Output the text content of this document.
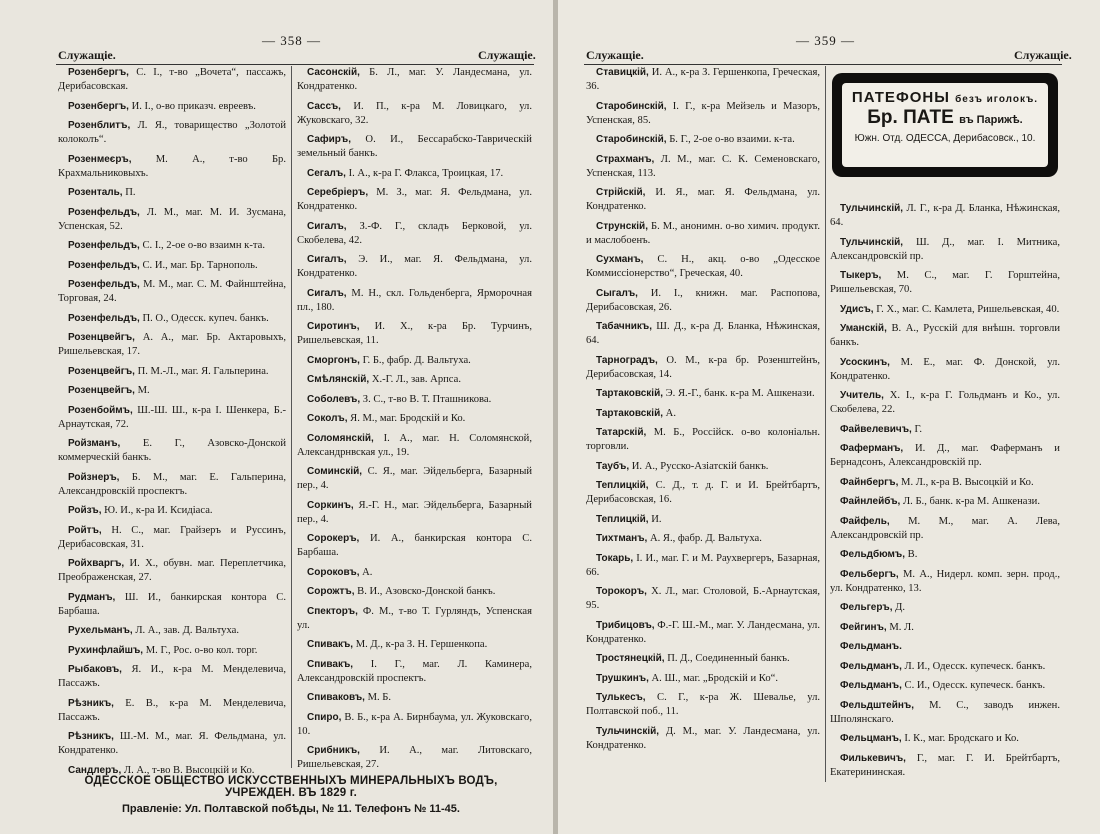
— 358 —
Служащіе.	Служащіе.
Розенбергъ, С. І., т-во „Вочета“, пассажъ, Дерибасовская.
Розенбергъ, И. І., о-во приказч. евреевъ.
Розенблитъ, Л. Я., товарищество „Золотой колоколъ“.
Розенмеєръ, М. А., т-во Бр. Крахмальниковыхъ.
Розенталь, П.
Розенфельдъ, Л. М., маг. М. И. Зусмана, Успенская, 52.
Розенфельдъ, С. І., 2-ое о-во взаимн к-та.
Розенфельдъ, С. И., маг. Бр. Тарнополь.
Розенфельдъ, М. М., маг. С. М. Файнштейна, Торговая, 24.
Розенфельдъ, П. О., Одесск. купеч. банкъ.
Розенцвейгъ, А. А., маг. Бр. Актаровыхъ, Ришельевская, 17.
Розенцвейгъ, П. М.-Л., маг. Я. Гальперина.
Розенцвейгъ, М.
Розенбоймъ, Ш.-Ш. Ш., к-ра І. Шенкера, Б.-Арнаутская, 72.
Ройзманъ, Е. Г., Азовско-Донской коммерческій банкъ.
Ройзнеръ, Б. М., маг. Е. Гальперина, Александровскій проспектъ.
Ройзъ, Ю. И., к-ра И. Ксидіаса.
Ройтъ, Н. С., маг. Грайзеръ и Руссинъ, Дерибасовская, 31.
Ройхваргъ, И. Х., обувн. маг. Переплетчика, Преображенская, 27.
Рудманъ, Ш. И., банкирская контора С. Барбаша.
Рухельманъ, Л. А., зав. Д. Вальтуха.
Рухинфлайшъ, М. Г., Рос. о-во кол. торг.
Рыбаковъ, Я. И., к-ра М. Менделевича, Пассажъ.
Рѣзникъ, Е. В., к-ра М. Менделевича, Пассажъ.
Рѣзникъ, Ш.-М. М., маг. Я. Фельдмана, ул. Кондратенко.
Сандлеръ, Л. А., т-во В. Высоцкій и Ко.
Сасонскій, Б. Л., маг. У. Ландесмана, ул. Кондратенко.
Сассъ, И. П., к-ра М. Ловицкаго, ул. Жуковскаго, 32.
Сафиръ, О. И., Бессарабско-Таврическій земельный банкъ.
Сегалъ, І. А., к-ра Г. Флакса, Троицкая, 17.
Серебріеръ, М. З., маг. Я. Фельдмана, ул. Кондратенко.
Сигалъ, З.-Ф. Г., складъ Берковой, ул. Скобелева, 42.
Сигалъ, Э. И., маг. Я. Фельдмана, ул. Кондратенко.
Сигалъ, М. Н., скл. Гольденберга, Ярморочная пл., 180.
Сиротинъ, И. Х., к-ра Бр. Турчинъ, Ришельевская, 11.
Сморгонъ, Г. Б., фабр. Д. Вальтуха.
Смѣлянскій, Х.-Г. Л., зав. Арпса.
Соболевъ, З. С., т-во В. Т. Пташникова.
Соколъ, Я. М., маг. Бродскій и Ко.
Соломянскій, І. А., маг. Н. Соломянской, Александрнвская ул., 19.
Соминскій, С. Я., маг. Эйдельберга, Базарный пер., 4.
Соркинъ, Я.-Г. Н., маг. Эйдельберга, Базарный пер., 4.
Сорокеръ, И. А., банкирская контора С. Барбаша.
Сороковъ, А.
Сорожтъ, В. И., Азовско-Донской банкъ.
Спекторъ, Ф. М., т-во Т. Гурляндъ, Успенская ул.
Спивакъ, М. Д., к-ра З. Н. Гершенкопа.
Спивакъ, І. Г., маг. Л. Каминера, Александровскій проспектъ.
Спиваковъ, М. Б.
Спиро, В. Б., к-ра А. Бирнбаума, ул. Жуковскаго, 10.
Срибникъ, И. А., маг. Литовскаго, Ришельевская, 27.
ОДЕССКОЕ ОБЩЕСТВО ИСКУССТВЕННЫХЪ МИНЕРАЛЬНЫХЪ ВОДЪ, УЧРЕЖДЕН. ВЪ 1829 г.
Правленіе: Ул. Полтавской побѣды, № 11. Телефонъ № 11-45.
— 359 —
Служащіе.	Служащіе.
Ставицкій, И. А., к-ра З. Гершенкопа, Греческая, 36.
Старобинскій, І. Г., к-ра Мейзель и Мазоръ, Успенская, 85.
Старобинскій, Б. Г., 2-ое о-во взаими. к-та.
Страхманъ, Л. М., маг. С. К. Семеновскаго, Успенская, 113.
Стрійскій, И. Я., маг. Я. Фельдмана, ул. Кондратенко.
Струнскій, Б. М., анонимн. о-во химич. продукт. и маслобоенъ.
Сухманъ, С. Н., акц. о-во „Одесское Коммиссіонерство“, Греческая, 40.
Сыгалъ, И. І., книжн. маг. Распопова, Дерибасовская, 26.
Табачникъ, Ш. Д., к-ра Д. Бланка, Нѣжинская, 64.
Тарноградъ, О. М., к-ра бр. Розенштейнъ, Дерибасовская, 14.
Тартаковскій, Э. Я.-Г., банк. к-ра М. Ашкенази.
Тартаковскій, А.
Татарскій, М. Б., Россійск. о-во колоніальн. торговли.
Таубъ, И. А., Русско-Азіатскій банкъ.
Теплицкій, С. Д., т. д. Г. и И. Брейтбартъ, Дерибасовская, 16.
Теплицкій, И.
Тихтманъ, А. Я., фабр. Д. Вальтуха.
Токарь, І. И., маг. Г. и М. Раухвергеръ, Базарная, 66.
Торокоръ, Х. Л., маг. Столовой, Б.-Арнаутская, 95.
Трибицовъ, Ф.-Г. Ш.-М., маг. У. Ландесмана, ул. Кондратенко.
Тростянецкій, П. Д., Соединенный банкъ.
Трушкинъ, А. Ш., маг. „Бродскій и Ко“.
Тулькесъ, С. Г., к-ра Ж. Шевалье, ул. Полтавской поб., 11.
Тульчинскій, Д. М., маг. У. Ландесмана, ул. Кондратенко.
Тульчинскій, Л. Г., к-ра Д. Бланка, Нѣжинская, 64.
Тульчинскій, Ш. Д., маг. І. Митника, Александровскій пр.
Тыкеръ, М. С., маг. Г. Горштейна, Ришельевская, 70.
Удисъ, Г. Х., маг. С. Камлета, Ришельевская, 40.
Уманскій, В. А., Русскій для внѣшн. торговли банкъ.
Усоскинъ, М. Е., маг. Ф. Донской, ул. Кондратенко.
Учитель, Х. І., к-ра Г. Гольдманъ и Ко., ул. Скобелева, 22.
Файвелевичъ, Г.
Фаферманъ, И. Д., маг. Фаферманъ и Бернадсонъ, Александровскій пр.
Файнбергъ, М. Л., к-ра В. Высоцкій и Ко.
Файнлейбъ, Л. Б., банк. к-ра М. Ашкенази.
Файфель, М. М., маг. А. Лева, Александровскій пр.
Фельдбюмъ, В.
Фельбергъ, М. А., Нидерл. комп. зерн. прод., ул. Кондратенко, 13.
Фельгеръ, Д.
Фейгинъ, М. Л.
Фельдманъ.
Фельдманъ, Л. И., Одесск. купеческ. банкъ.
Фельдманъ, С. И., Одесск. купеческ. банкъ.
Фельдштейнъ, М. С., заводъ инжен. Шполянскаго.
Фельцманъ, І. К., маг. Бродскаго и Ко.
Филькевичъ, Г., маг. Г. И. Брейтбартъ, Екатерининская.
ПАТЕФОНЫ безъ иголокъ.
Бр. ПАТЕ въ Парижѣ.
Южн. Отд. ОДЕССА, Дерибасовск., 10.
